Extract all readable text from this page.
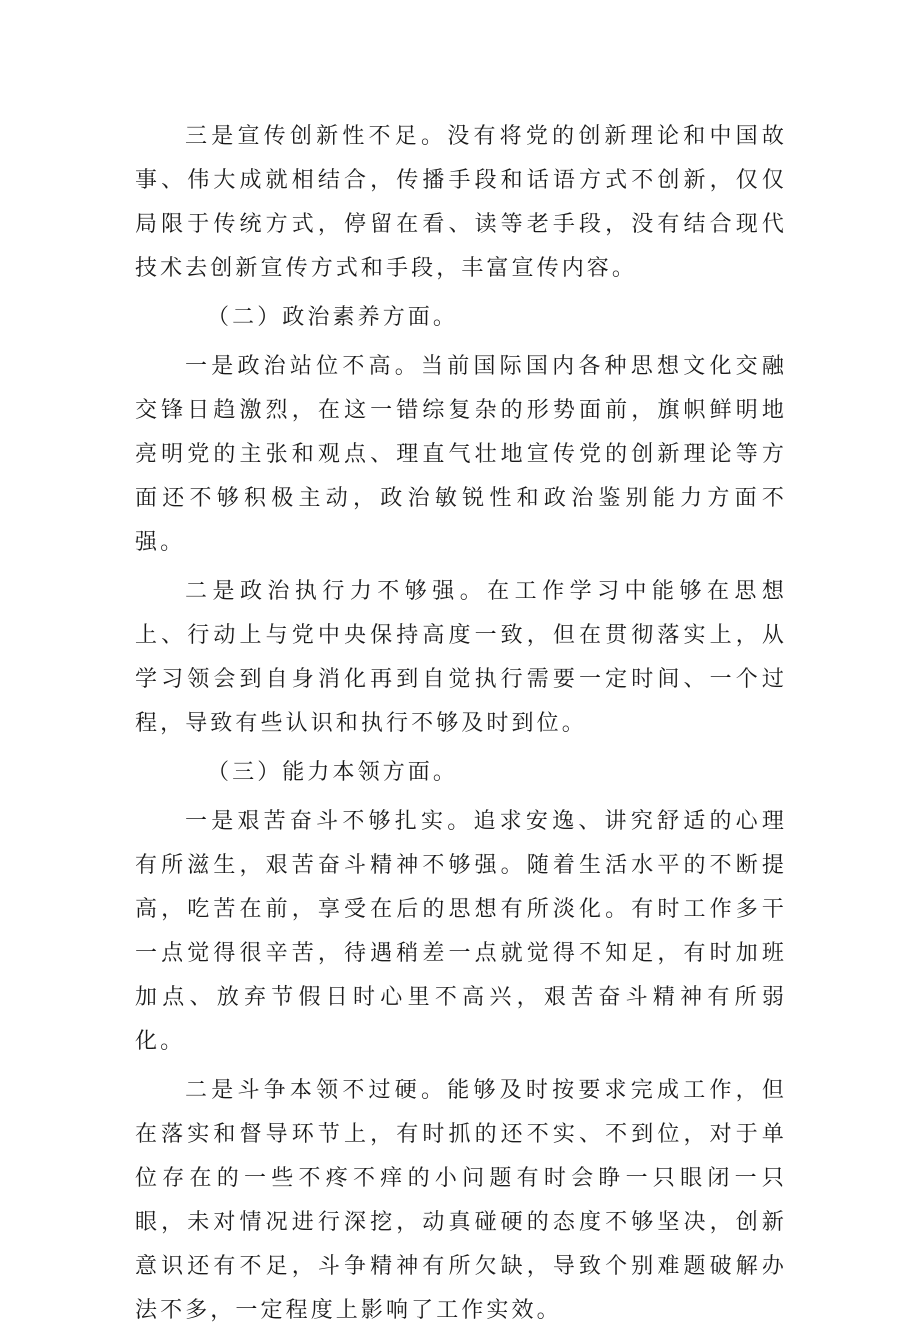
三是宣传创新性不足。没有将党的创新理论和中国故事、伟大成就相结合，传播手段和话语方式不创新，仅仅局限于传统方式，停留在看、读等老手段，没有结合现代技术去创新宣传方式和手段，丰富宣传内容。

（二）政治素养方面。

一是政治站位不高。当前国际国内各种思想文化交融交锋日趋激烈，在这一错综复杂的形势面前，旗帜鲜明地亮明党的主张和观点、理直气壮地宣传党的创新理论等方面还不够积极主动，政治敏锐性和政治鉴别能力方面不强。

二是政治执行力不够强。在工作学习中能够在思想上、行动上与党中央保持高度一致，但在贯彻落实上，从学习领会到自身消化再到自觉执行需要一定时间、一个过程，导致有些认识和执行不够及时到位。

（三）能力本领方面。

一是艰苦奋斗不够扎实。追求安逸、讲究舒适的心理有所滋生，艰苦奋斗精神不够强。随着生活水平的不断提高，吃苦在前，享受在后的思想有所淡化。有时工作多干一点觉得很辛苦，待遇稍差一点就觉得不知足，有时加班加点、放弃节假日时心里不高兴，艰苦奋斗精神有所弱化。

二是斗争本领不过硬。能够及时按要求完成工作，但在落实和督导环节上，有时抓的还不实、不到位，对于单位存在的一些不疼不痒的小问题有时会睁一只眼闭一只眼，未对情况进行深挖，动真碰硬的态度不够坚决，创新意识还有不足，斗争精神有所欠缺，导致个别难题破解办法不多，一定程度上影响了工作实效。
